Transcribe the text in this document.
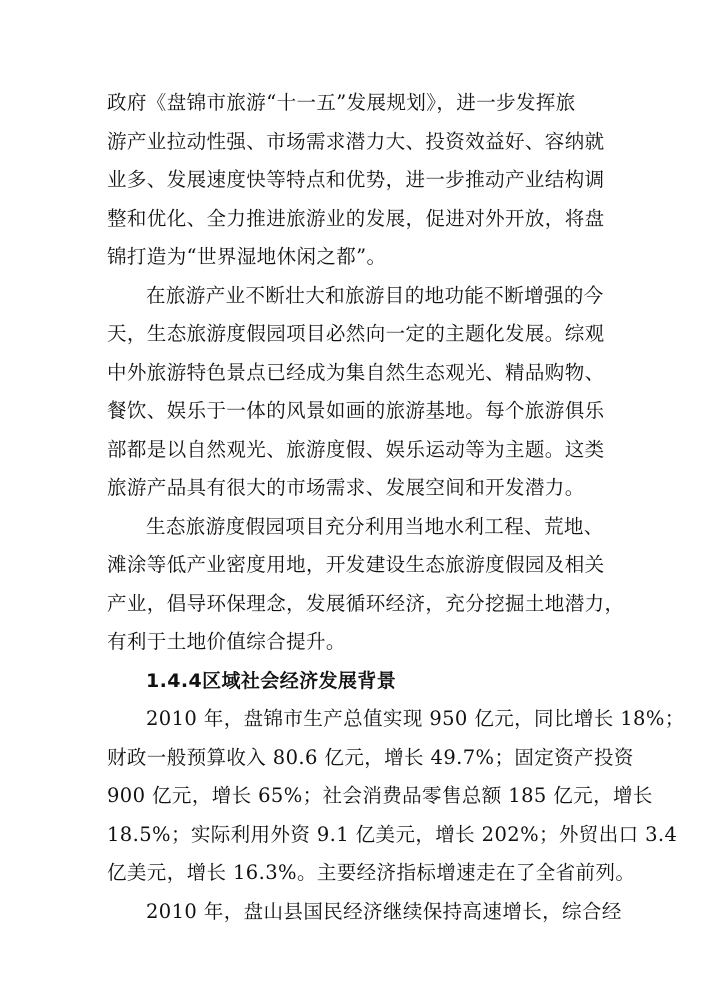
政府《盘锦市旅游“十一五”发展规划》，进一步发挥旅
游产业拉动性强、市场需求潜力大、投资效益好、容纳就
业多、发展速度快等特点和优势，进一步推动产业结构调
整和优化、全力推进旅游业的发展，促进对外开放，将盘
锦打造为“世界湿地休闲之都”。
在旅游产业不断壮大和旅游目的地功能不断增强的今
天，生态旅游度假园项目必然向一定的主题化发展。综观
中外旅游特色景点已经成为集自然生态观光、精品购物、
餐饮、娱乐于一体的风景如画的旅游基地。每个旅游俱乐
部都是以自然观光、旅游度假、娱乐运动等为主题。这类
旅游产品具有很大的市场需求、发展空间和开发潜力。
生态旅游度假园项目充分利用当地水利工程、荒地、
滩涂等低产业密度用地，开发建设生态旅游度假园及相关
产业，倡导环保理念，发展循环经济，充分挖掘土地潜力，
有利于土地价值综合提升。
1.4.4区域社会经济发展背景
2010 年，盘锦市生产总值实现 950 亿元，同比增长 18%；
财政一般预算收入 80.6 亿元，增长 49.7%；固定资产投资
900 亿元，增长 65%；社会消费品零售总额 185 亿元，增长
18.5%；实际利用外资 9.1 亿美元，增长 202%；外贸出口 3.4
亿美元，增长 16.3%。主要经济指标增速走在了全省前列。
2010 年，盘山县国民经济继续保持高速增长，综合经
